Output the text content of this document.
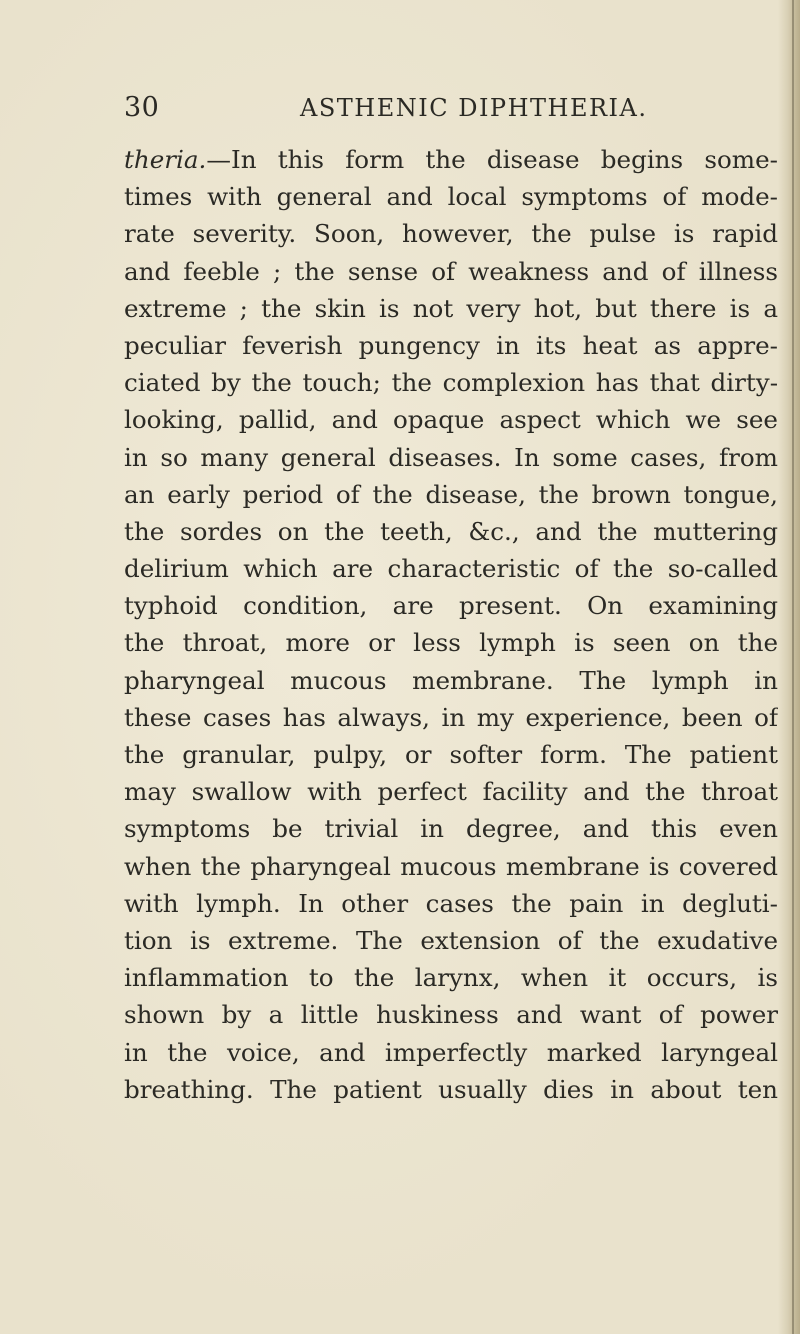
30	ASTHENIC DIPHTHERIA.
theria.—In this form the disease begins some-
times with general and local symptoms of mode-
rate severity. Soon, however, the pulse is rapid
and feeble ; the sense of weakness and of illness
extreme ; the skin is not very hot, but there is a
peculiar feverish pungency in its heat as appre-
ciated by the touch; the complexion has that dirty-
looking, pallid, and opaque aspect which we see
in so many general diseases. In some cases, from
an early period of the disease, the brown tongue,
the sordes on the teeth, &c., and the muttering
delirium which are characteristic of the so-called
typhoid condition, are present. On examining
the throat, more or less lymph is seen on the
pharyngeal mucous membrane. The lymph in
these cases has always, in my experience, been of
the granular, pulpy, or softer form. The patient
may swallow with perfect facility and the throat
symptoms be trivial in degree, and this even
when the pharyngeal mucous membrane is covered
with lymph. In other cases the pain in degluti-
tion is extreme. The extension of the exudative
inflammation to the larynx, when it occurs, is
shown by a little huskiness and want of power
in the voice, and imperfectly marked laryngeal
breathing. The patient usually dies in about ten
